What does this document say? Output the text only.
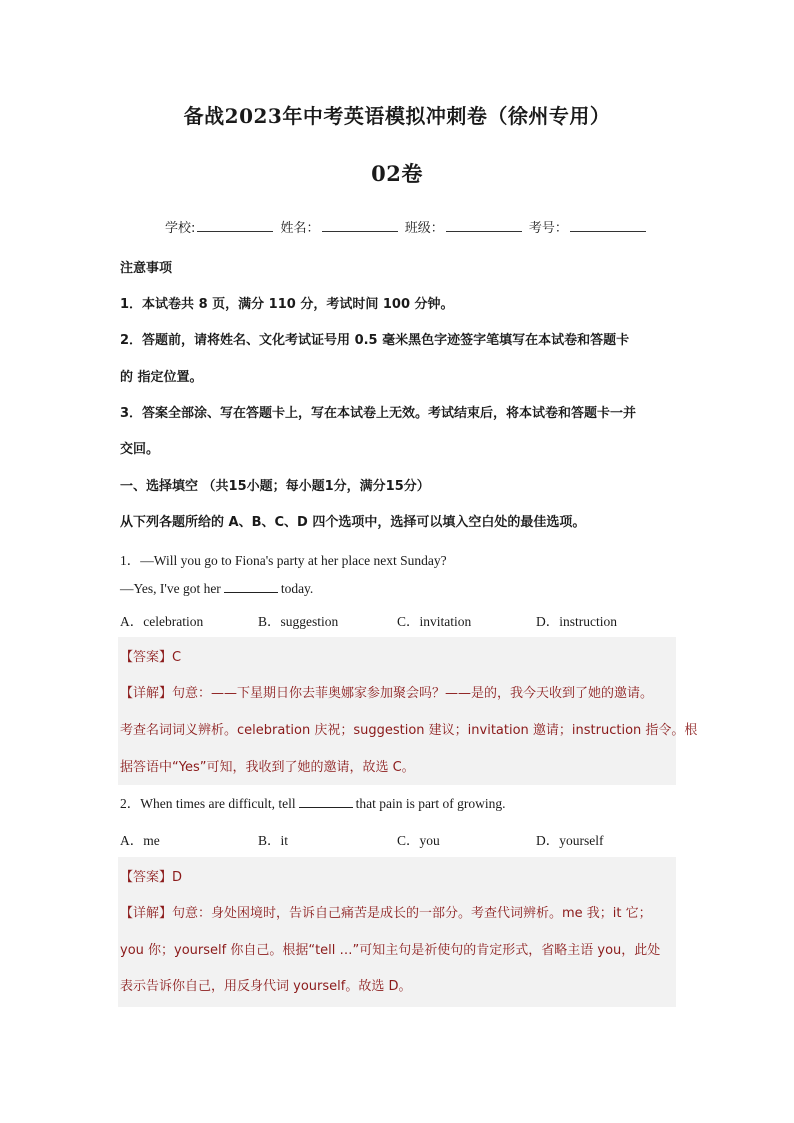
备战2023年中考英语模拟冲刺卷（徐州专用）
02卷
学校:	姓名：	班级：	考号：
注意事项
1．本试卷共 8 页，满分 110 分，考试时间 100 分钟。
2．答题前，请将姓名、文化考试证号用 0.5 毫米黑色字迹签字笔填写在本试卷和答题卡
的 指定位置。
3．答案全部涂、写在答题卡上，写在本试卷上无效。考试结束后，将本试卷和答题卡一并
交回。
一、选择填空 （共15小题；每小题1分，满分15分）
从下列各题所给的 A、B、C、D 四个选项中，选择可以填入空白处的最佳选项。
1．—Will you go to Fiona's party at her place next Sunday?
—Yes, I've got her	today.
A．celebration	B．suggestion	C．invitation	D．instruction
【答案】C
【详解】句意：——下星期日你去菲奥娜家参加聚会吗？——是的，我今天收到了她的邀请。
考查名词词义辨析。celebration 庆祝；suggestion 建议；invitation 邀请；instruction 指令。根
据答语中“Yes”可知，我收到了她的邀请，故选 C。
2．When times are difficult, tell	that pain is part of growing.
A．me	B．it	C．you	D．yourself
【答案】D
【详解】句意：身处困境时，告诉自己痛苦是成长的一部分。考查代词辨析。me 我；it 它；
you 你；yourself 你自己。根据“tell …”可知主句是祈使句的肯定形式，省略主语 you，此处
表示告诉你自己，用反身代词 yourself。故选 D。
